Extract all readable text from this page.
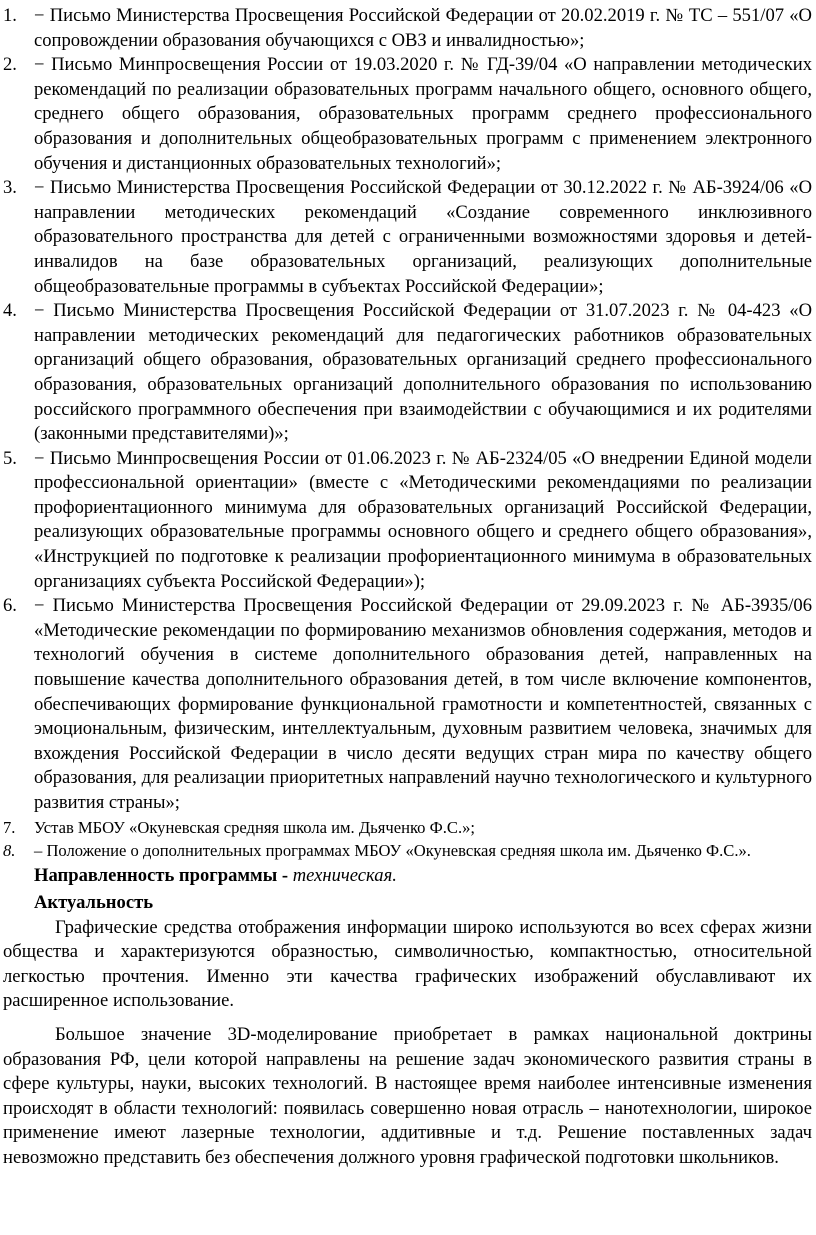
1. − Письмо Министерства Просвещения Российской Федерации от 20.02.2019 г. № ТС – 551/07 «О сопровождении образования обучающихся с ОВЗ и инвалидностью»;
2. − Письмо Минпросвещения России от 19.03.2020 г. № ГД-39/04 «О направлении методических рекомендаций по реализации образовательных программ начального общего, основного общего, среднего общего образования, образовательных программ среднего профессионального образования и дополнительных общеобразовательных программ с применением электронного обучения и дистанционных образовательных технологий»;
3. − Письмо Министерства Просвещения Российской Федерации от 30.12.2022 г. № АБ-3924/06 «О направлении методических рекомендаций «Создание современного инклюзивного образовательного пространства для детей с ограниченными возможностями здоровья и детей-инвалидов на базе образовательных организаций, реализующих дополнительные общеобразовательные программы в субъектах Российской Федерации»;
4. − Письмо Министерства Просвещения Российской Федерации от 31.07.2023 г. № 04-423 «О направлении методических рекомендаций для педагогических работников образовательных организаций общего образования, образовательных организаций среднего профессионального образования, образовательных организаций дополнительного образования по использованию российского программного обеспечения при взаимодействии с обучающимися и их родителями (законными представителями)»;
5. − Письмо Минпросвещения России от 01.06.2023 г. № АБ-2324/05 «О внедрении Единой модели профессиональной ориентации» (вместе с «Методическими рекомендациями по реализации профориентационного минимума для образовательных организаций Российской Федерации, реализующих образовательные программы основного общего и среднего общего образования», «Инструкцией по подготовке к реализации профориентационного минимума в образовательных организациях субъекта Российской Федерации»);
6. − Письмо Министерства Просвещения Российской Федерации от 29.09.2023 г. № АБ-3935/06 «Методические рекомендации по формированию механизмов обновления содержания, методов и технологий обучения в системе дополнительного образования детей, направленных на повышение качества дополнительного образования детей, в том числе включение компонентов, обеспечивающих формирование функциональной грамотности и компетентностей, связанных с эмоциональным, физическим, интеллектуальным, духовным развитием человека, значимых для вхождения Российской Федерации в число десяти ведущих стран мира по качеству общего образования, для реализации приоритетных направлений научно технологического и культурного развития страны»;
7.	Устав МБОУ «Окуневская средняя школа им. Дьяченко Ф.С.»;
8.	– Положение о дополнительных программах МБОУ «Окуневская средняя школа им. Дьяченко Ф.С.».
Направленность программы - техническая.
Актуальность

Графические средства отображения информации широко используются во всех сферах жизни общества и характеризуются образностью, символичностью, компактностью, относительной легкостью прочтения. Именно эти качества графических изображений обуславливают их расширенное использование.

Большое значение 3D-моделирование приобретает в рамках национальной доктрины образования РФ, цели которой направлены на решение задач экономического развития страны в сфере культуры, науки, высоких технологий. В настоящее время наиболее интенсивные изменения происходят в области технологий: появилась совершенно новая отрасль – нанотехнологии, широкое применение имеют лазерные технологии, аддитивные и т.д. Решение поставленных задач невозможно представить без обеспечения должного уровня графической подготовки школьников.
